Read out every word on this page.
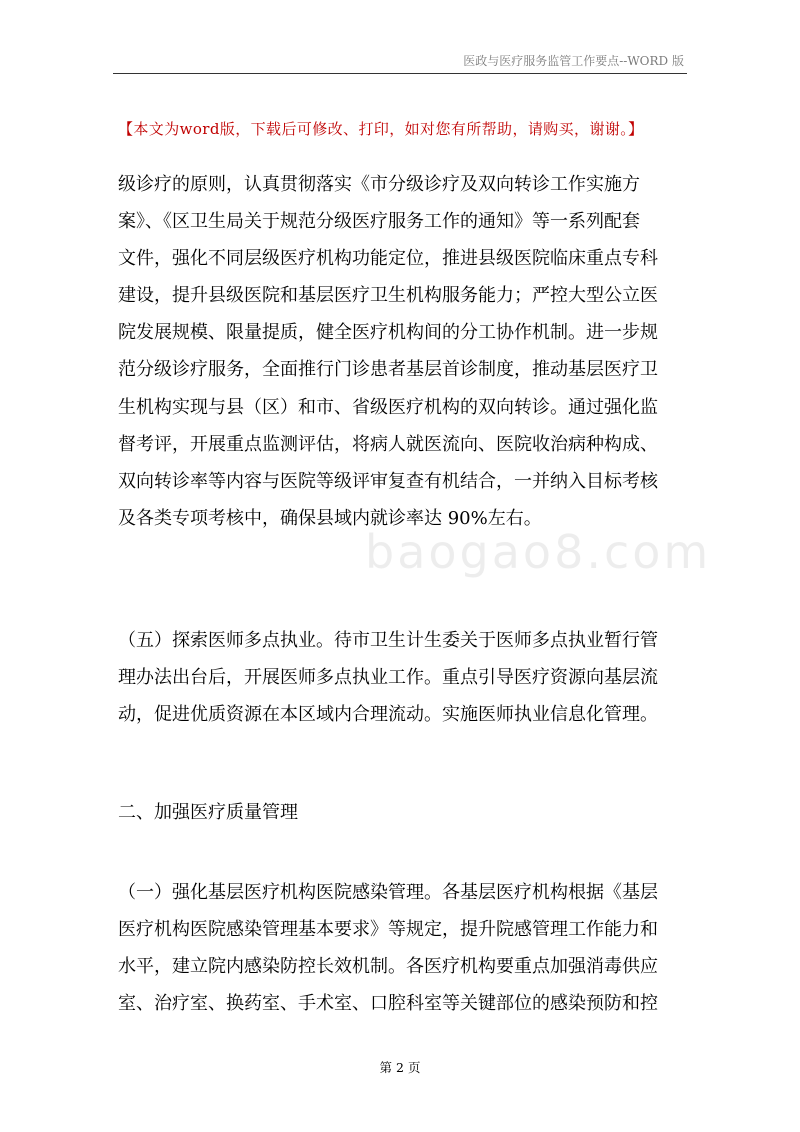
医政与医疗服务监管工作要点--WORD 版
【本文为word版，下载后可修改、打印，如对您有所帮助，请购买，谢谢。】
baogao8.com
级诊疗的原则，认真贯彻落实《市分级诊疗及双向转诊工作实施方
案》、《区卫生局关于规范分级医疗服务工作的通知》等一系列配套
文件，强化不同层级医疗机构功能定位，推进县级医院临床重点专科
建设，提升县级医院和基层医疗卫生机构服务能力；严控大型公立医
院发展规模、限量提质，健全医疗机构间的分工协作机制。进一步规
范分级诊疗服务，全面推行门诊患者基层首诊制度，推动基层医疗卫
生机构实现与县（区）和市、省级医疗机构的双向转诊。通过强化监
督考评，开展重点监测评估，将病人就医流向、医院收治病种构成、
双向转诊率等内容与医院等级评审复查有机结合，一并纳入目标考核
及各类专项考核中，确保县域内就诊率达 90%左右。
（五）探索医师多点执业。待市卫生计生委关于医师多点执业暂行管
理办法出台后，开展医师多点执业工作。重点引导医疗资源向基层流
动，促进优质资源在本区域内合理流动。实施医师执业信息化管理。
二、加强医疗质量管理
（一）强化基层医疗机构医院感染管理。各基层医疗机构根据《基层
医疗机构医院感染管理基本要求》等规定，提升院感管理工作能力和
水平，建立院内感染防控长效机制。各医疗机构要重点加强消毒供应
室、治疗室、换药室、手术室、口腔科室等关键部位的感染预防和控
第 2 页
